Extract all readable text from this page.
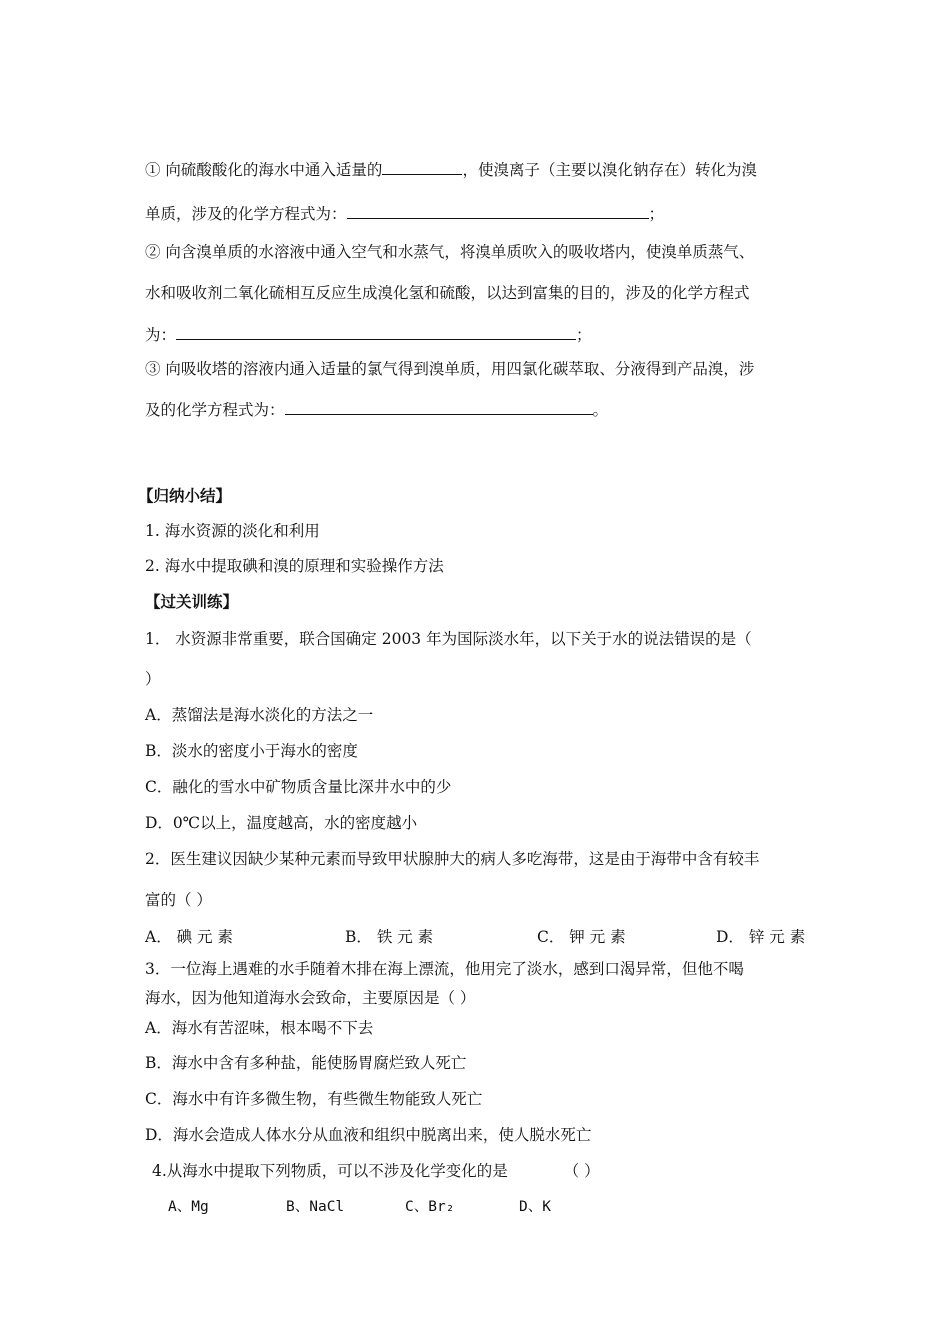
① 向硫酸酸化的海水中通入适量的	，使溴离子（主要以溴化钠存在）转化为溴
单质，涉及的化学方程式为：	；
② 向含溴单质的水溶液中通入空气和水蒸气，将溴单质吹入的吸收塔内，使溴单质蒸气、
水和吸收剂二氧化硫相互反应生成溴化氢和硫酸，以达到富集的目的，涉及的化学方程式
为：	；
③ 向吸收塔的溶液内通入适量的氯气得到溴单质，用四氯化碳萃取、分液得到产品溴，涉
及的化学方程式为：	。
【归纳小结】
1. 海水资源的淡化和利用
2. 海水中提取碘和溴的原理和实验操作方法
【过关训练】
1． 水资源非常重要，联合国确定 2003 年为国际淡水年，以下关于水的说法错误的是（
）
A．蒸馏法是海水淡化的方法之一
B．淡水的密度小于海水的密度
C．融化的雪水中矿物质含量比深井水中的少
D．0℃以上，温度越高，水的密度越小
2．医生建议因缺少某种元素而导致甲状腺肿大的病人多吃海带，这是由于海带中含有较丰
富的（ ）
A． 碘 元 素	B． 铁 元 素	C． 钾 元 素	D． 锌 元 素
3．一位海上遇难的水手随着木排在海上漂流，他用完了淡水，感到口渴异常，但他不喝
海水，因为他知道海水会致命，主要原因是（ ）
A．海水有苦涩味，根本喝不下去
B．海水中含有多种盐，能使肠胃腐烂致人死亡
C．海水中有许多微生物，有些微生物能致人死亡
D．海水会造成人体水分从血液和组织中脱离出来，使人脱水死亡
4.从海水中提取下列物质，可以不涉及化学变化的是	（ ）
A、Mg	B、NaCl	C、Br₂	D、K
